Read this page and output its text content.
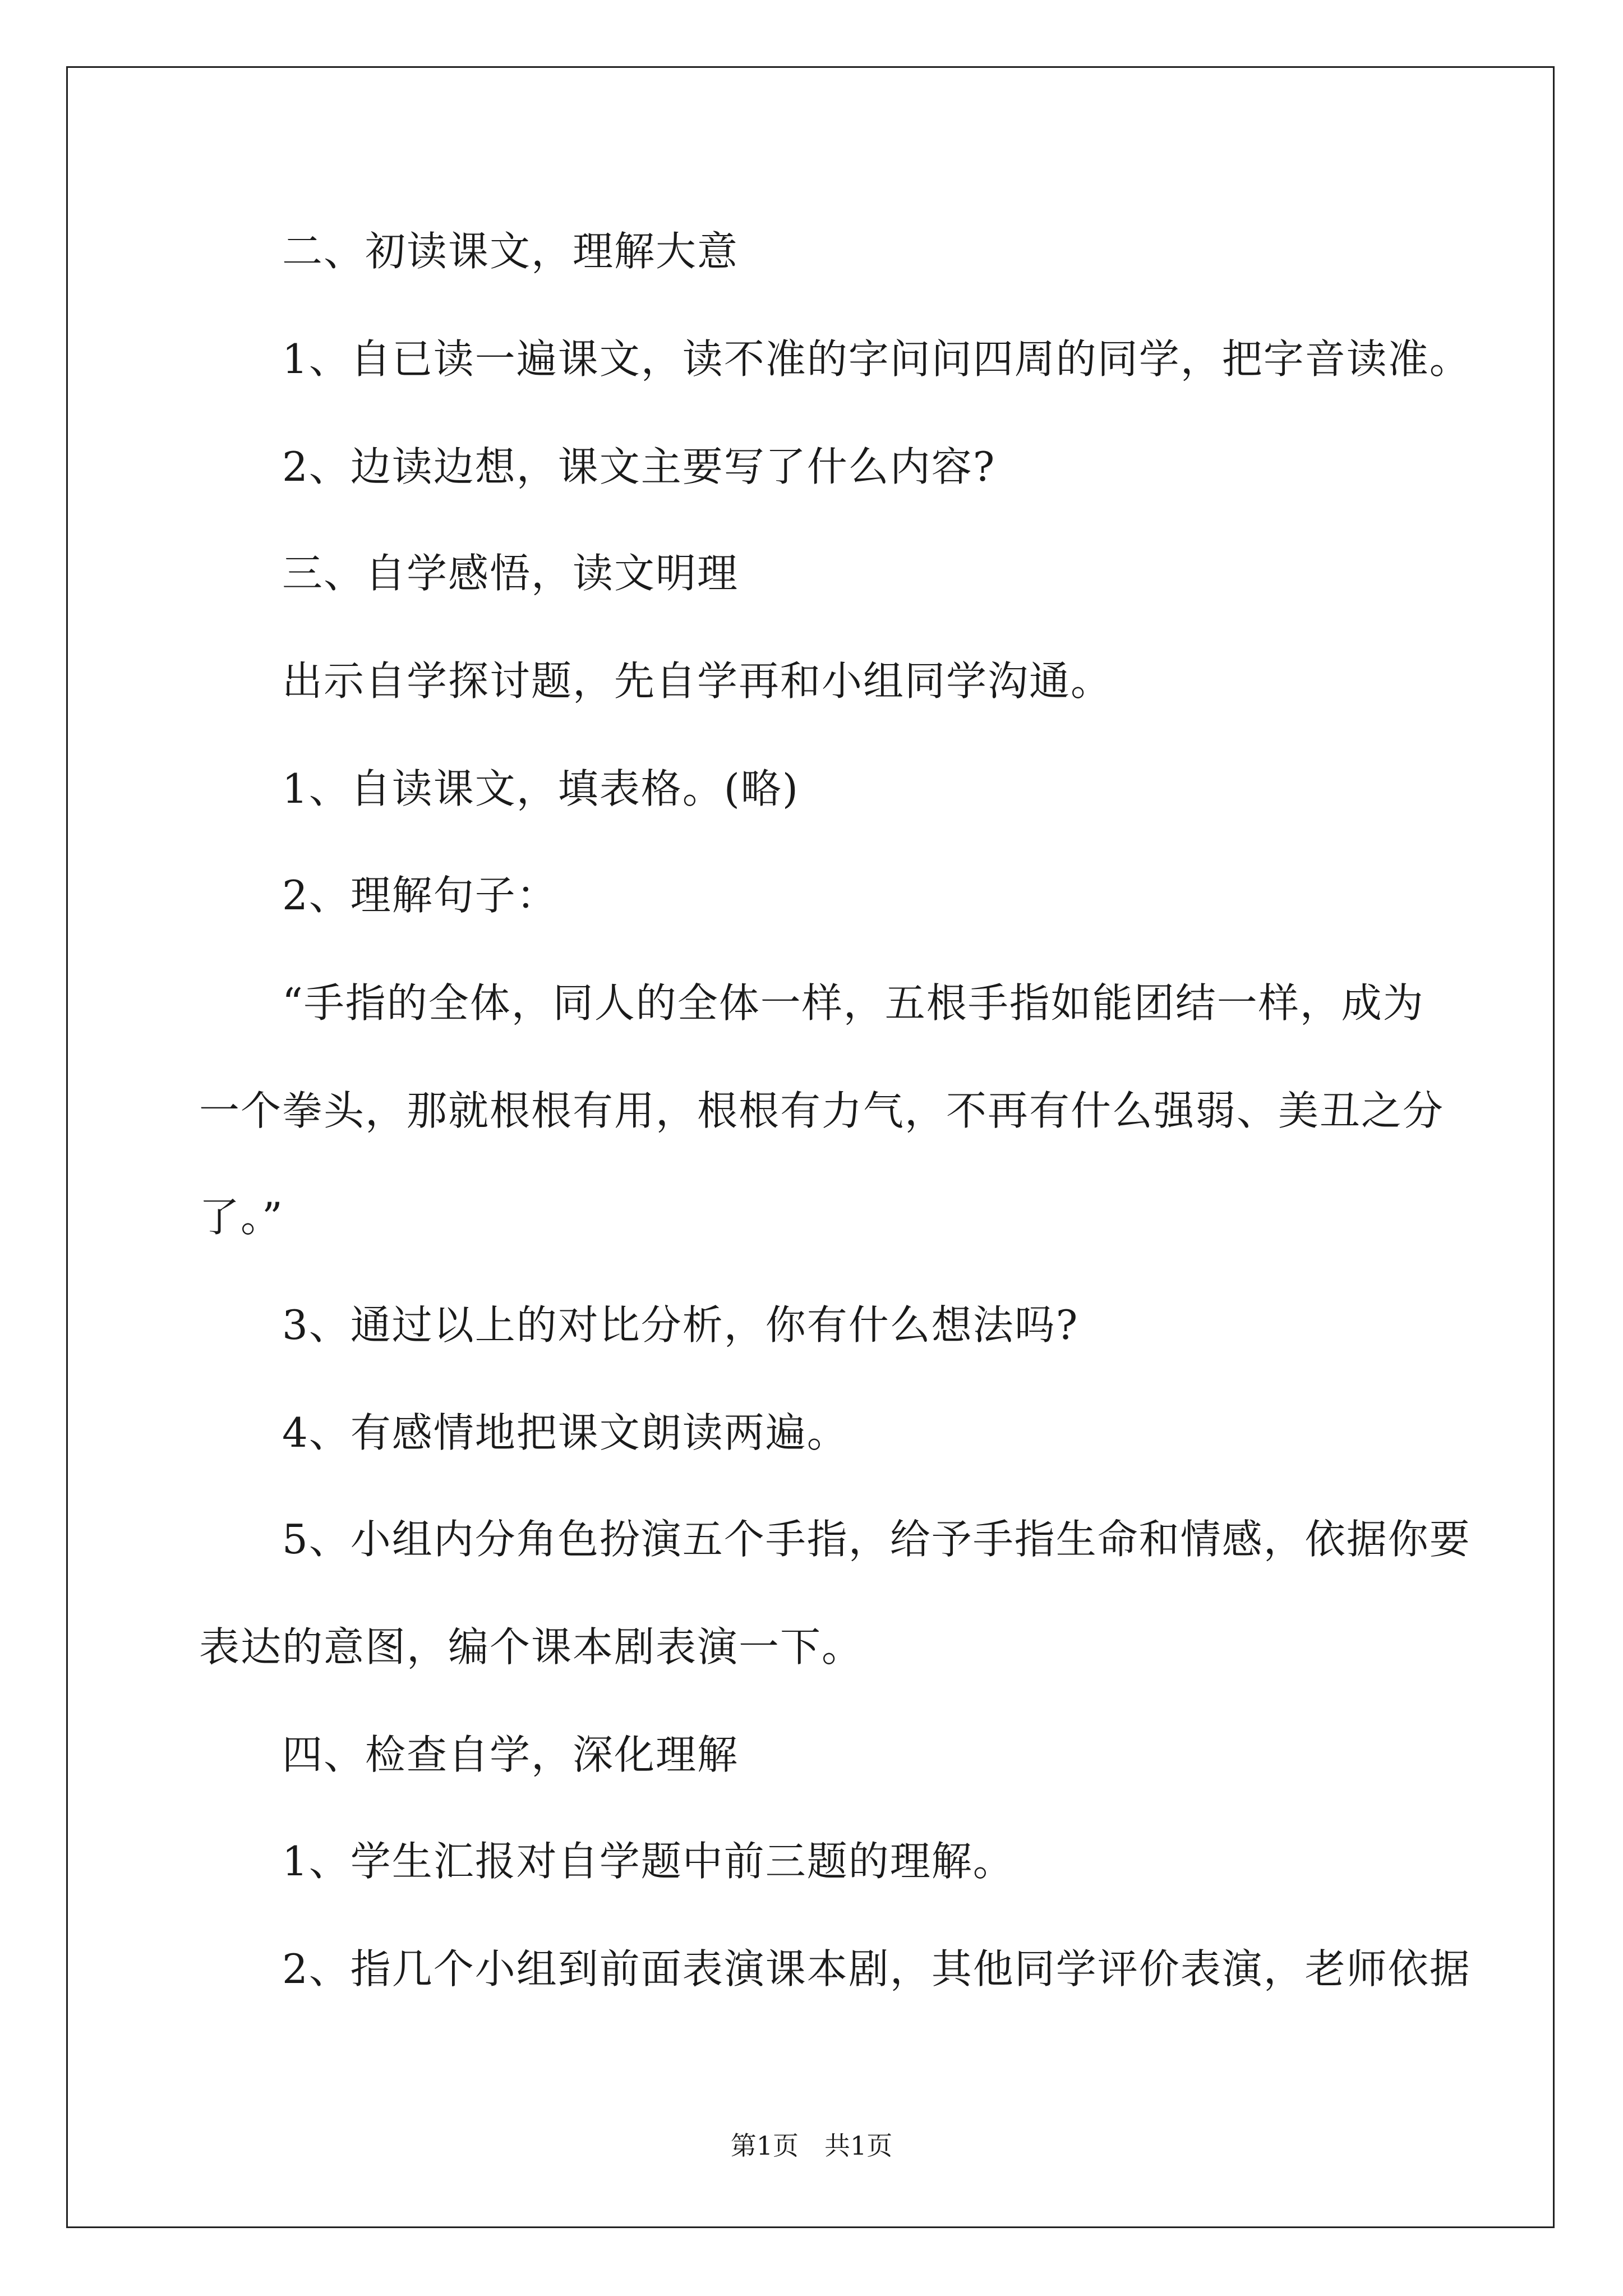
二、初读课文，理解大意
1、自已读一遍课文，读不准的字问问四周的同学，把字音读准。
2、边读边想，课文主要写了什么内容?
三、自学感悟，读文明理
出示自学探讨题，先自学再和小组同学沟通。
1、自读课文，填表格。(略)
2、理解句子：
“手指的全体，同人的全体一样，五根手指如能团结一样，成为
一个拳头，那就根根有用，根根有力气，不再有什么强弱、美丑之分
了。”
3、通过以上的对比分析，你有什么想法吗?
4、有感情地把课文朗读两遍。
5、小组内分角色扮演五个手指，给予手指生命和情感，依据你要
表达的意图，编个课本剧表演一下。
四、检查自学，深化理解
1、学生汇报对自学题中前三题的理解。
2、指几个小组到前面表演课本剧，其他同学评价表演，老师依据
第1页　共1页
